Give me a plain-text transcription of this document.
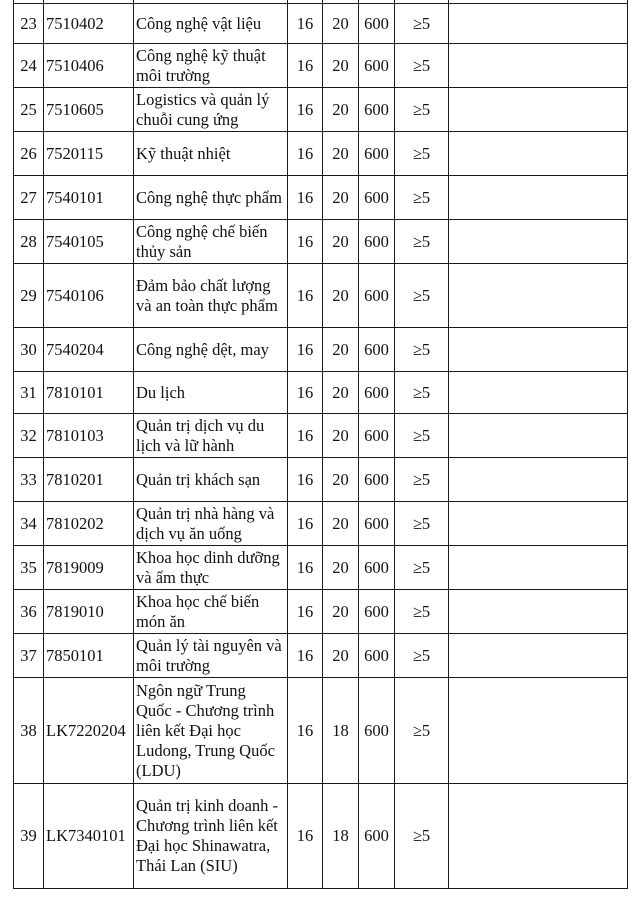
23	7510402	Công nghệ vật liệu	16	20	600	≥5	
24	7510406	Công nghệ kỹ thuật môi trường	16	20	600	≥5	
25	7510605	Logistics và quản lý chuỗi cung ứng	16	20	600	≥5	
26	7520115	Kỹ thuật nhiệt	16	20	600	≥5	
27	7540101	Công nghệ thực phẩm	16	20	600	≥5	
28	7540105	Công nghệ chế biến thủy sản	16	20	600	≥5	
29	7540106	Đảm bảo chất lượng và an toàn thực phẩm	16	20	600	≥5	
30	7540204	Công nghệ dệt, may	16	20	600	≥5	
31	7810101	Du lịch	16	20	600	≥5	
32	7810103	Quản trị dịch vụ du lịch và lữ hành	16	20	600	≥5	
33	7810201	Quản trị khách sạn	16	20	600	≥5	
34	7810202	Quản trị nhà hàng và dịch vụ ăn uống	16	20	600	≥5	
35	7819009	Khoa học dinh dưỡng và ẩm thực	16	20	600	≥5	
36	7819010	Khoa học chế biến món ăn	16	20	600	≥5	
37	7850101	Quản lý tài nguyên và môi trường	16	20	600	≥5	
38	LK7220204	Ngôn ngữ Trung Quốc - Chương trình liên kết Đại học Ludong, Trung Quốc (LDU)	16	18	600	≥5	
39	LK7340101	Quản trị kinh doanh - Chương trình liên kết Đại học Shinawatra, Thái Lan (SIU)	16	18	600	≥5	
